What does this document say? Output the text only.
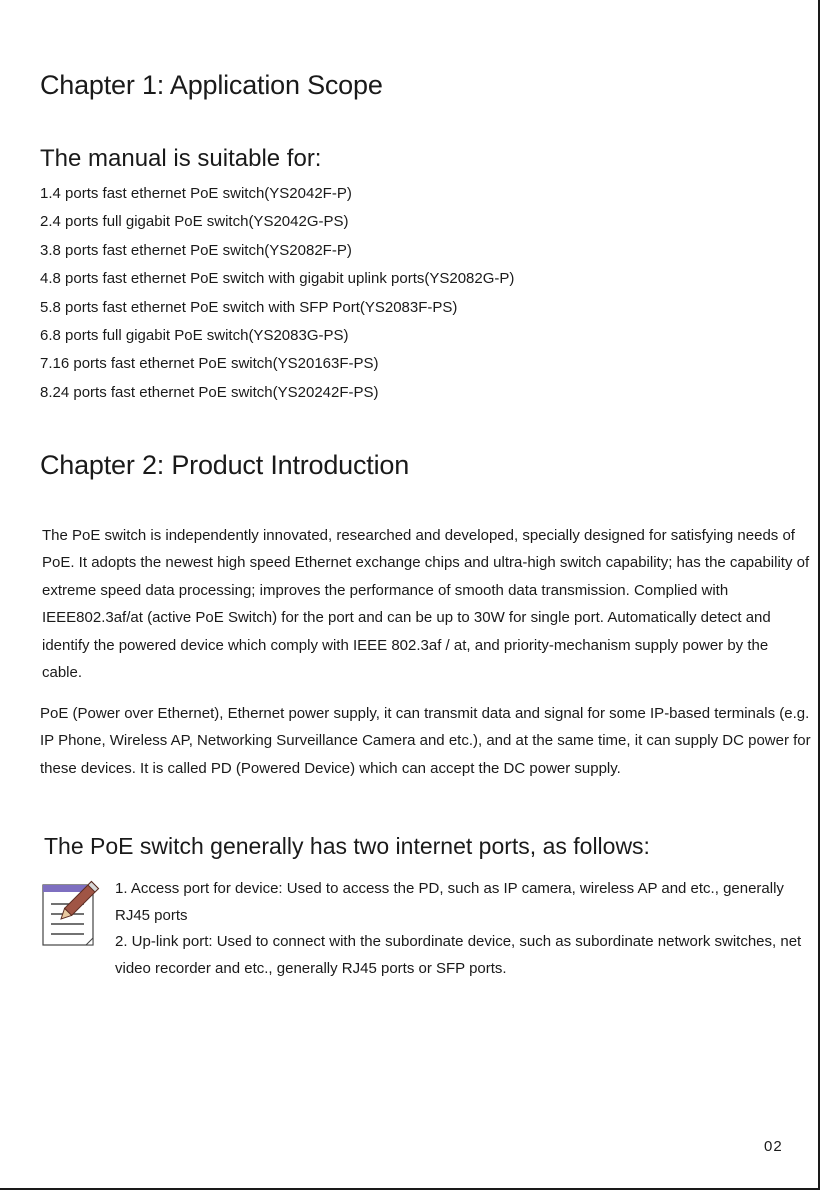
Chapter 1: Application Scope
The manual is suitable for:
1.4 ports fast ethernet PoE switch(YS2042F-P)
2.4 ports full gigabit PoE switch(YS2042G-PS)
3.8 ports fast ethernet PoE switch(YS2082F-P)
4.8 ports fast ethernet PoE switch with gigabit uplink ports(YS2082G-P)
5.8 ports fast ethernet PoE switch with SFP Port(YS2083F-PS)
6.8 ports full gigabit PoE switch(YS2083G-PS)
7.16 ports fast ethernet PoE switch(YS20163F-PS)
8.24 ports fast ethernet PoE switch(YS20242F-PS)
Chapter 2: Product Introduction

The PoE switch is independently innovated, researched and developed, specially designed for satisfying needs of PoE. It adopts the newest high speed Ethernet exchange chips and ultra-high switch capability; has the capability of extreme speed data processing; improves the performance of smooth data transmission. Complied with IEEE802.3af/at (active PoE Switch) for the port and can be up to 30W for single port. Automatically detect and identify the powered device which comply with IEEE 802.3af / at, and priority-mechanism supply power by the cable.

PoE (Power over Ethernet), Ethernet power supply, it can transmit data and signal for some IP-based terminals (e.g. IP Phone, Wireless AP, Networking Surveillance Camera and etc.), and at the same time, it can supply DC power for these devices. It is called PD (Powered Device) which can accept the DC power supply.

The PoE switch generally has two internet ports, as follows:
1. Access port for device: Used to access the PD, such as IP camera, wireless AP and etc., generally RJ45 ports
2. Up-link port: Used to connect with the subordinate device, such as subordinate network switches, net video recorder and etc., generally RJ45 ports or SFP ports.
02
